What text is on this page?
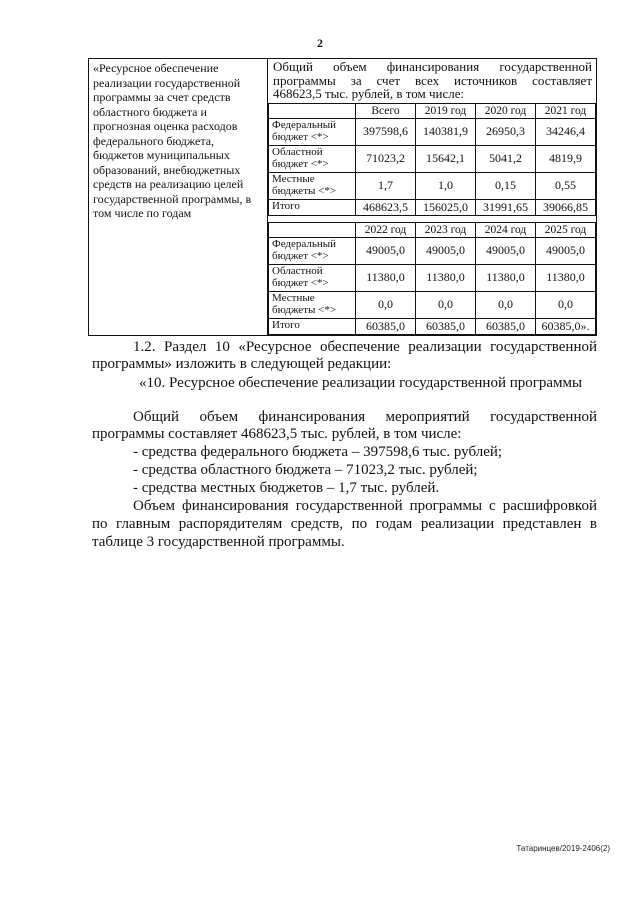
2
«Ресурсное обеспечение реализации государственной программы за счет средств областного бюджета и прогнозная оценка расходов федерального бюджета, бюджетов муниципальных образований, внебюджетных средств на реализацию целей государственной программы, в том числе по годам	
Общий объем финансирования государственной
программы за счет всех источников составляет
468623,5 тыс. рублей, в том числе:
	Всего	2019 год	2020 год	2021 год
Федеральный бюджет <*>	397598,6	140381,9	26950,3	34246,4
Областной бюджет <*>	71023,2	15642,1	5041,2	4819,9
Местные бюджеты <*>	1,7	1,0	0,15	0,55
Итого	468623,5	156025,0	31991,65	39066,85
	2022 год	2023 год	2024 год	2025 год
Федеральный бюджет <*>	49005,0	49005,0	49005,0	49005,0
Областной бюджет <*>	11380,0	11380,0	11380,0	11380,0
Местные бюджеты <*>	0,0	0,0	0,0	0,0
Итого	60385,0	60385,0	60385,0	60385,0».
1.2. Раздел 10 «Ресурсное обеспечение реализации государственной
программы» изложить в следующей редакции:
«10. Ресурсное обеспечение реализации государственной программы
Общий объем финансирования мероприятий государственной
программы составляет 468623,5 тыс. рублей, в том числе:
- средства федерального бюджета – 397598,6 тыс. рублей;
- средства областного бюджета – 71023,2 тыс. рублей;
- средства местных бюджетов – 1,7 тыс. рублей.
Объем финансирования государственной программы с расшифровкой
по главным распорядителям средств, по годам реализации представлен в
таблице 3 государственной программы.
Татаринцев/2019-2406(2)
